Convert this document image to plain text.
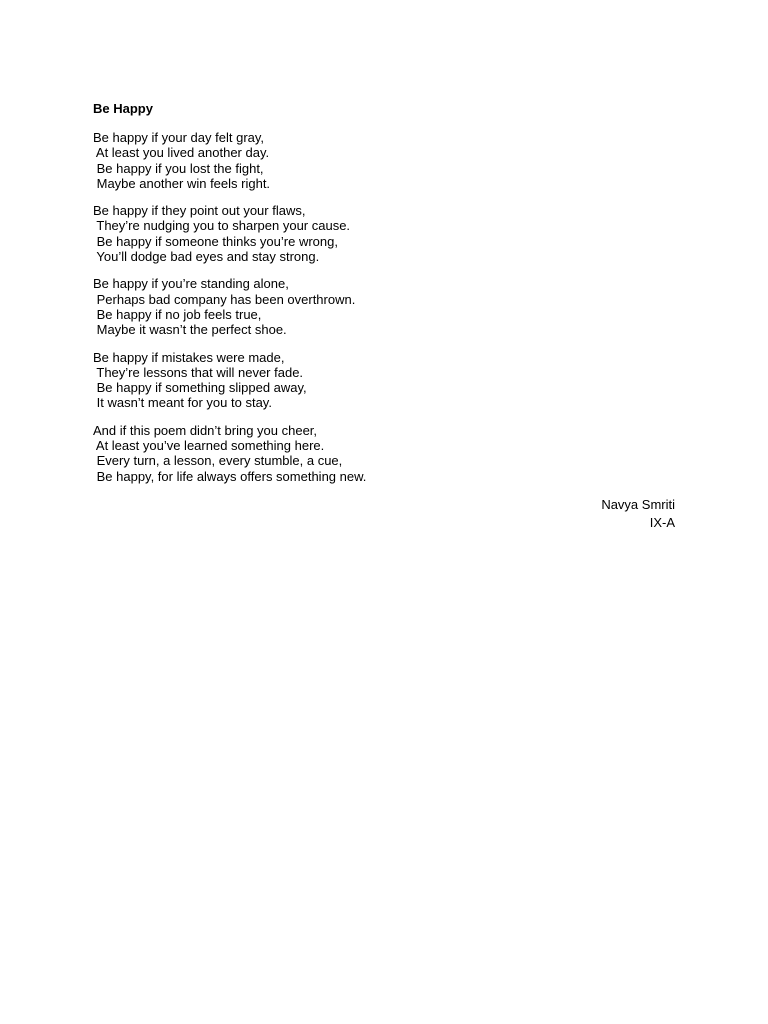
Be Happy
Be happy if your day felt gray,
At least you lived another day.
Be happy if you lost the fight,
Maybe another win feels right.
Be happy if they point out your flaws,
They’re nudging you to sharpen your cause.
Be happy if someone thinks you’re wrong,
You’ll dodge bad eyes and stay strong.
Be happy if you’re standing alone,
Perhaps bad company has been overthrown.
Be happy if no job feels true,
Maybe it wasn’t the perfect shoe.
Be happy if mistakes were made,
They’re lessons that will never fade.
Be happy if something slipped away,
It wasn’t meant for you to stay.
And if this poem didn’t bring you cheer,
At least you’ve learned something here.
Every turn, a lesson, every stumble, a cue,
Be happy, for life always offers something new.
Navya Smriti
IX-A
